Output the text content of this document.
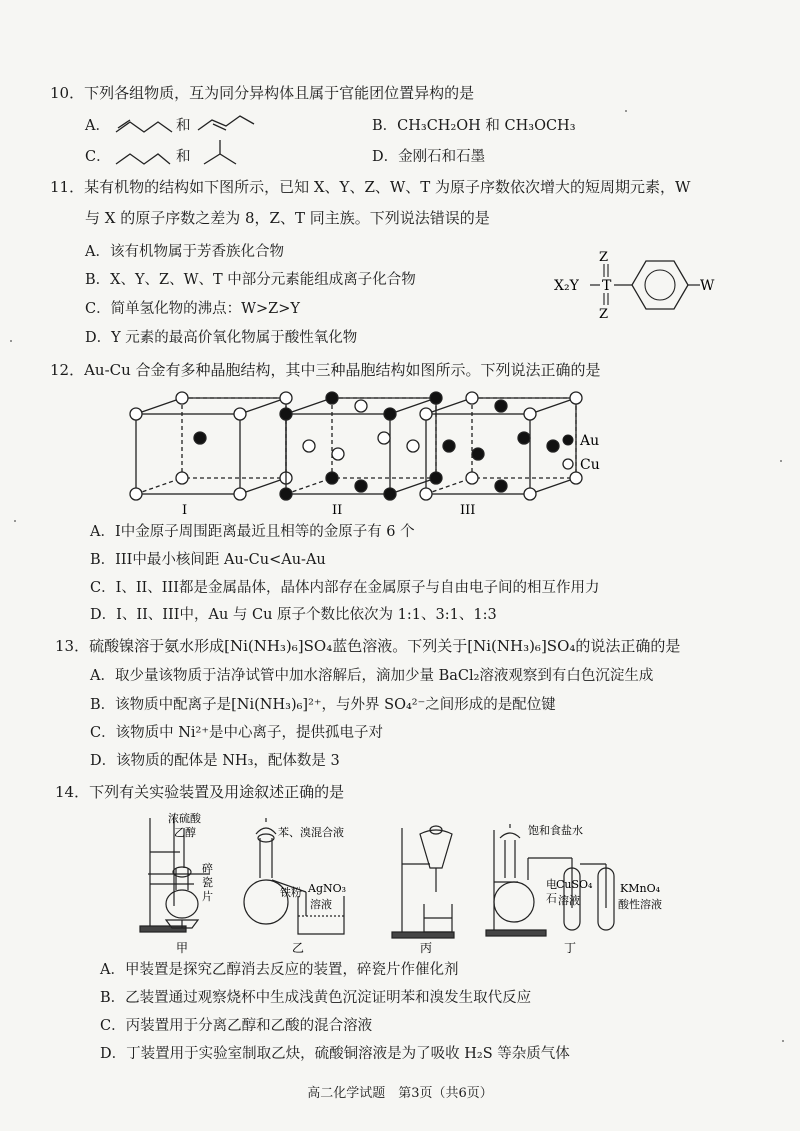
10．下列各组物质，互为同分异构体且属于官能团位置异构的是
A．	和	B．CH₃CH₂OH 和 CH₃OCH₃
C．	和	D．金刚石和石墨
11．某有机物的结构如下图所示，已知 X、Y、Z、W、T 为原子序数依次增大的短周期元素，W
与 X 的原子序数之差为 8，Z、T 同主族。下列说法错误的是
A．该有机物属于芳香族化合物
B．X、Y、Z、W、T 中部分元素能组成离子化合物
C．简单氢化物的沸点：W>Z>Y
D．Y 元素的最高价氧化物属于酸性氧化物
X₂Y T
Z
Z
W
12．Au-Cu 合金有多种晶胞结构，其中三种晶胞结构如图所示。下列说法正确的是
I	II	III
Au
Cu
A．I中金原子周围距离最近且相等的金原子有 6 个
B．III中最小核间距 Au-Cu<Au-Au
C．I、II、III都是金属晶体，晶体内部存在金属原子与自由电子间的相互作用力
D．I、II、III中，Au 与 Cu 原子个数比依次为 1:1、3:1、1:3
13．硫酸镍溶于氨水形成[Ni(NH₃)₆]SO₄蓝色溶液。下列关于[Ni(NH₃)₆]SO₄的说法正确的是
A．取少量该物质于洁净试管中加水溶解后，滴加少量 BaCl₂溶液观察到有白色沉淀生成
B．该物质中配离子是[Ni(NH₃)₆]²⁺，与外界 SO₄²⁻之间形成的是配位键
C．该物质中 Ni²⁺是中心离子，提供孤电子对
D．该物质的配体是 NH₃，配体数是 3
14．下列有关实验装置及用途叙述正确的是
浓硫酸
乙醇
碎
瓷
片
苯、溴混合液
铁粉 AgNO₃
溶液
饱和食盐水
电
石
CuSO₄
溶液
KMnO₄
酸性溶液
甲	乙	丙	丁
A．甲装置是探究乙醇消去反应的装置，碎瓷片作催化剂
B．乙装置通过观察烧杯中生成浅黄色沉淀证明苯和溴发生取代反应
C．丙装置用于分离乙醇和乙酸的混合溶液
D．丁装置用于实验室制取乙炔，硫酸铜溶液是为了吸收 H₂S 等杂质气体
高二化学试题　第3页（共6页）
